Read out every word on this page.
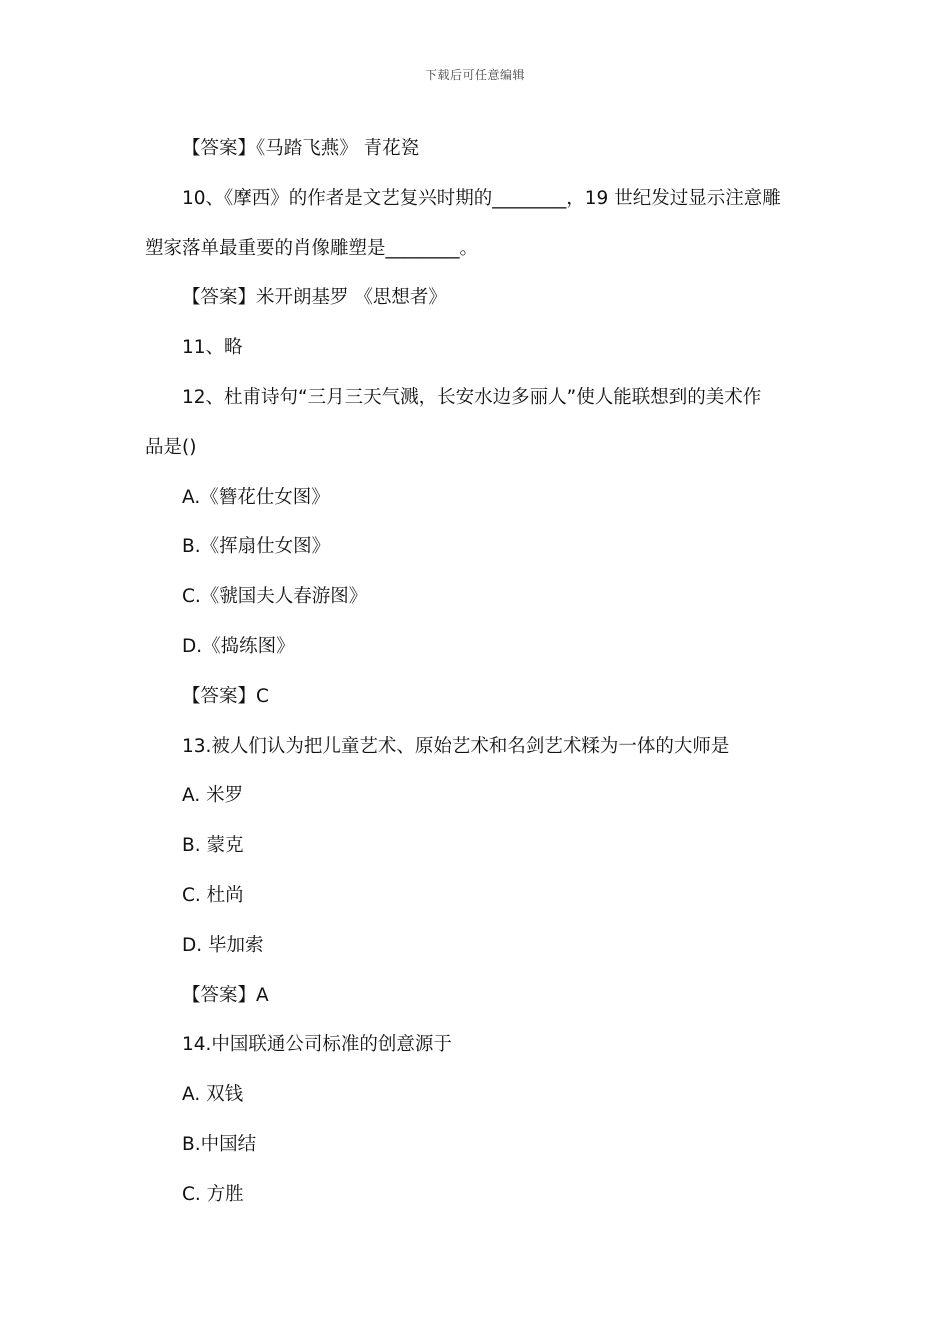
下载后可任意编辑
【答案】《马踏飞燕》 青花瓷
10、《摩西》的作者是文艺复兴时期的________，19 世纪发过显示注意雕
塑家落单最重要的肖像雕塑是________。
【答案】米开朗基罗 《思想者》
11、略
12、杜甫诗句“三月三天气溅，长安水边多丽人”使人能联想到的美术作
品是()
A.《簪花仕女图》
B.《挥扇仕女图》
C.《虢国夫人春游图》
D.《捣练图》
【答案】C
13.被人们认为把儿童艺术、原始艺术和名剑艺术糅为一体的大师是
A. 米罗
B. 蒙克
C. 杜尚
D. 毕加索
【答案】A
14.中国联通公司标准的创意源于
A. 双钱
B.中国结
C. 方胜
